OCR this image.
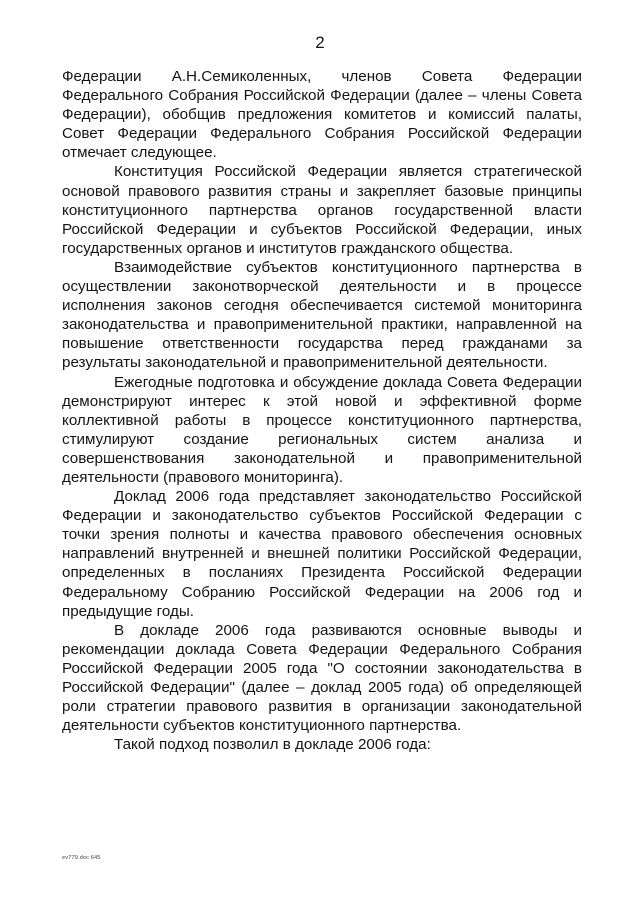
2

Федерации А.Н.Семиколенных, членов Совета Федерации Федерального Собрания Российской Федерации (далее – члены Совета Федерации), обобщив предложения комитетов и комиссий палаты, Совет Федерации Федерального Собрания Российской Федерации отмечает следующее.

Конституция Российской Федерации является стратегической основой правового развития страны и закрепляет базовые принципы конституционного партнерства органов государственной власти Российской Федерации и субъектов Российской Федерации, иных государственных органов и институтов гражданского общества.

Взаимодействие субъектов конституционного партнерства в осуществлении законотворческой деятельности и в процессе исполнения законов сегодня обеспечивается системой мониторинга законодательства и правоприменительной практики, направленной на повышение ответственности государства перед гражданами за результаты законодательной и правоприменительной деятельности.

Ежегодные подготовка и обсуждение доклада Совета Федерации демонстрируют интерес к этой новой и эффективной форме коллективной работы в процессе конституционного партнерства, стимулируют создание региональных систем анализа и совершенствования законодательной и правоприменительной деятельности (правового мониторинга).

Доклад 2006 года представляет законодательство Российской Федерации и законодательство субъектов Российской Федерации с точки зрения полноты и качества правового обеспечения основных направлений внутренней и внешней политики Российской Федерации, определенных в посланиях Президента Российской Федерации Федеральному Собранию Российской Федерации на 2006 год и предыдущие годы.

В докладе 2006 года развиваются основные выводы и рекомендации доклада Совета Федерации Федерального Собрания Российской Федерации 2005 года "О состоянии законодательства в Российской Федерации" (далее – доклад 2005 года) об определяющей роли стратегии правового развития в организации законодательной деятельности субъектов конституционного партнерства.

Такой подход позволил в докладе 2006 года:

ev779.doc 645
